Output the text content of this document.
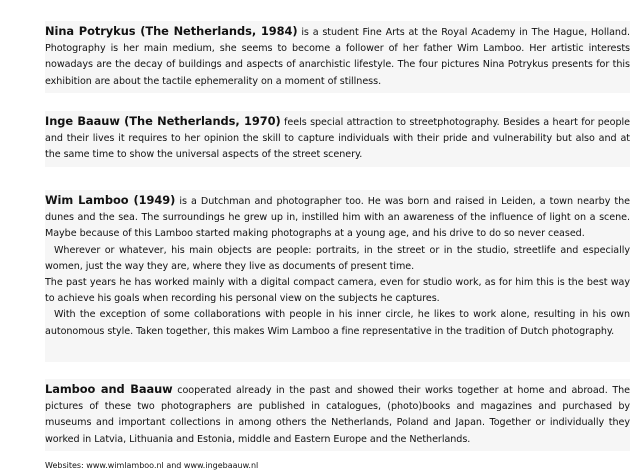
Nina Potrykus (The Netherlands, 1984) is a student Fine Arts at the Royal Academy in The Hague, Holland. Photography is her main medium, she seems to become a follower of her father Wim Lamboo. Her artistic interests nowadays are the decay of buildings and aspects of anarchistic lifestyle. The four pictures Nina Potrykus presents for this exhibition are about the tactile ephemerality on a moment of stillness.

Inge Baauw (The Netherlands, 1970) feels special attraction to streetphotography. Besides a heart for people and their lives it requires to her opinion the skill to capture individuals with their pride and vulnerability but also and at the same time to show the universal aspects of the street scenery.

Wim Lamboo (1949) is a Dutchman and photographer too. He was born and raised in Leiden, a town nearby the dunes and the sea. The surroundings he grew up in, instilled him with an awareness of the influence of light on a scene. Maybe because of this Lamboo started making photographs at a young age, and his drive to do so never ceased.

Wherever or whatever, his main objects are people: portraits, in the street or in the studio, streetlife and especially women, just the way they are, where they live as documents of present time.

The past years he has worked mainly with a digital compact camera, even for studio work, as for him this is the best way to achieve his goals when recording his personal view on the subjects he captures.

With the exception of some collaborations with people in his inner circle, he likes to work alone, resulting in his own autonomous style. Taken together, this makes Wim Lamboo a fine representative in the tradition of Dutch photography.

Lamboo and Baauw cooperated already in the past and showed their works together at home and abroad. The pictures of these two photographers are published in catalogues, (photo)books and magazines and purchased by museums and important collections in among others the Netherlands, Poland and Japan. Together or individually they worked in Latvia, Lithuania and Estonia, middle and Eastern Europe and the Netherlands.

Websites: www.wimlamboo.nl and www.ingebaauw.nl
